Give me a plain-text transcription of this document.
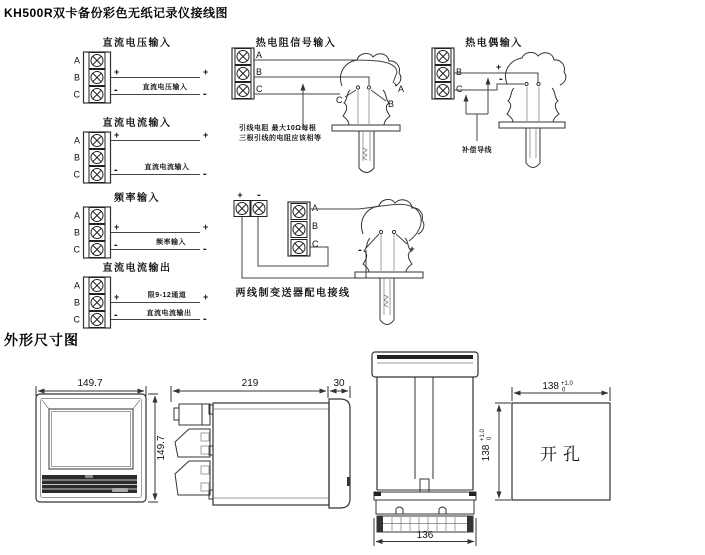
KH500R双卡备份彩色无纸记录仪接线图
外形尺寸图
直流电压输入
A
B
C
+	+
-	-
直流电压输入
直流电流输入
A
B
C
+	+
-	-
直流电流输入
频率输入
A
B
C
+	+
-	-
频率输入
直流电流输出
A
B
C
+	+
-	-
限9-12通道
直流电流输出
热电阻信号输入
A
B
C	A
B
C
引线电阻 最大10Ω每根
三根引线的电阻应该相等
热电偶输入
B
C
+
-
补偿导线
+ -
A
B
C	-	+
两线制变送器配电接线
149.7
149.7
219	30
136
138 +1.0
0
138
+1.0 0
开孔
